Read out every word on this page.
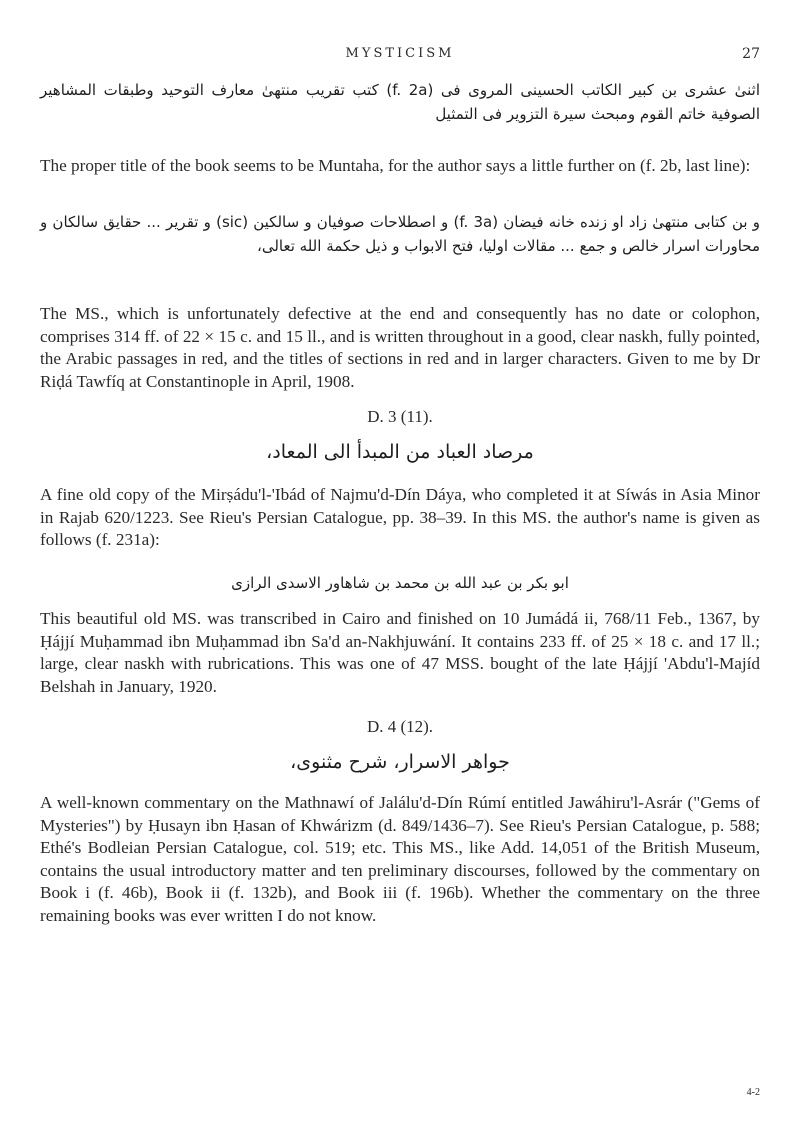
MYSTICISM	27

اثنیٰ عشری بن کبیر الکاتب الحسینی المروی فی (f. 2a) کتب تقریب منتهیٰ معارف التوحید وطبقات المشاهیر الصوفیة خاتم القوم ومبحث سيرة التزوير فی التمثيل

The proper title of the book seems to be Muntaha, for the author says a little further on (f. 2b, last line):

و بن کتابی منتهیٰ زاد او زنده خانه فیضان (f. 3a) و اصطلاحات صوفیان و سالکین (sic) و تقریر ... حقایق سالکان و محاورات اسرار خالص و جمع ... مقالات اولیا، فتح الابواب و ذیل حکمة الله تعالی،

The MS., which is unfortunately defective at the end and consequently has no date or colophon, comprises 314 ff. of 22 × 15 c. and 15 ll., and is written throughout in a good, clear naskh, fully pointed, the Arabic passages in red, and the titles of sections in red and in larger characters. Given to me by Dr Riḍá Tawfíq at Constantinople in April, 1908.

D. 3 (11).

مرصاد العباد من المبدأ الى المعاد،

A fine old copy of the Mirṣádu'l-'Ibád of Najmu'd-Dín Dáya, who completed it at Síwás in Asia Minor in Rajab 620/1223. See Rieu's Persian Catalogue, pp. 38–39. In this MS. the author's name is given as follows (f. 231a):

ابو بکر بن عبد الله بن محمد بن شاهاور الاسدی الرازی

This beautiful old MS. was transcribed in Cairo and finished on 10 Jumádá ii, 768/11 Feb., 1367, by Ḥájjí Muḥammad ibn Muḥammad ibn Sa'd an-Nakhjuwání. It contains 233 ff. of 25 × 18 c. and 17 ll.; large, clear naskh with rubrications. This was one of 47 MSS. bought of the late Ḥájjí 'Abdu'l-Majíd Belshah in January, 1920.

D. 4 (12).

جواهر الاسرار، شرح مثنوی،

A well-known commentary on the Mathnawí of Jalálu'd-Dín Rúmí entitled Jawáhiru'l-Asrár ("Gems of Mysteries") by Ḥusayn ibn Ḥasan of Khwárizm (d. 849/1436–7). See Rieu's Persian Catalogue, p. 588; Ethé's Bodleian Persian Catalogue, col. 519; etc. This MS., like Add. 14,051 of the British Museum, contains the usual introductory matter and ten preliminary discourses, followed by the commentary on Book i (f. 46b), Book ii (f. 132b), and Book iii (f. 196b). Whether the commentary on the three remaining books was ever written I do not know.

4-2
